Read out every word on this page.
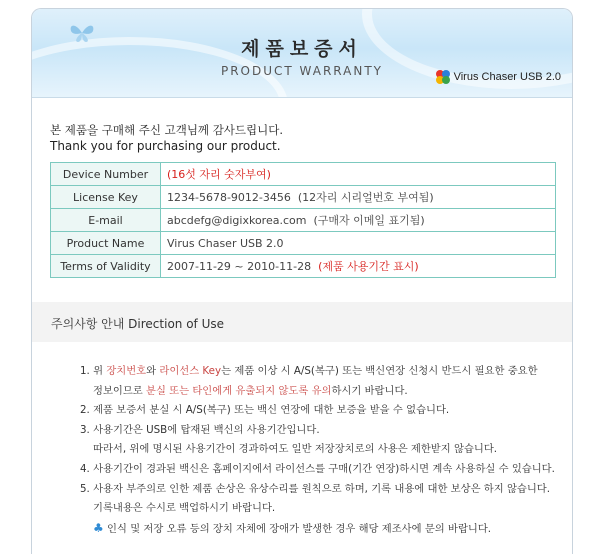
제품보증서
PRODUCT WARRANTY	Virus Chaser USB 2.0
본 제품을 구매해 주신 고객님께 감사드립니다.
Thank you for purchasing our product.
Device Number	(16섯 자리 숫자부여)
License Key	1234-5678-9012-3456 (12자리 시리얼번호 부여됨)
E-mail	abcdefg@digixkorea.com (구매자 이메일 표기됨)
Product Name	Virus Chaser USB 2.0
Terms of Validity	2007-11-29 ~ 2010-11-28 (제품 사용기간 표시)
주의사항 안내 Direction of Use
1. 위 장치번호와 라이선스 Key는 제품 이상 시 A/S(복구) 또는 백신연장 신청시 반드시 필요한 중요한
정보이므로 분실 또는 타인에게 유출되지 않도록 유의하시기 바랍니다.
2. 제품 보증서 분실 시 A/S(복구) 또는 백신 연장에 대한 보증을 받을 수 없습니다.
3. 사용기간은 USB에 탑재된 백신의 사용기간입니다.
따라서, 위에 명시된 사용기간이 경과하여도 일반 저장장치로의 사용은 제한받지 않습니다.
4. 사용기간이 경과된 백신은 홈페이지에서 라이선스를 구매(기간 연장)하시면 계속 사용하실 수 있습니다.
5. 사용자 부주의로 인한 제품 손상은 유상수리를 원칙으로 하며, 기록 내용에 대한 보상은 하지 않습니다.
기록내용은 수시로 백업하시기 바랍니다.
♣ 인식 및 저장 오류 등의 장치 자체에 장애가 발생한 경우 해당 제조사에 문의 바랍니다.
